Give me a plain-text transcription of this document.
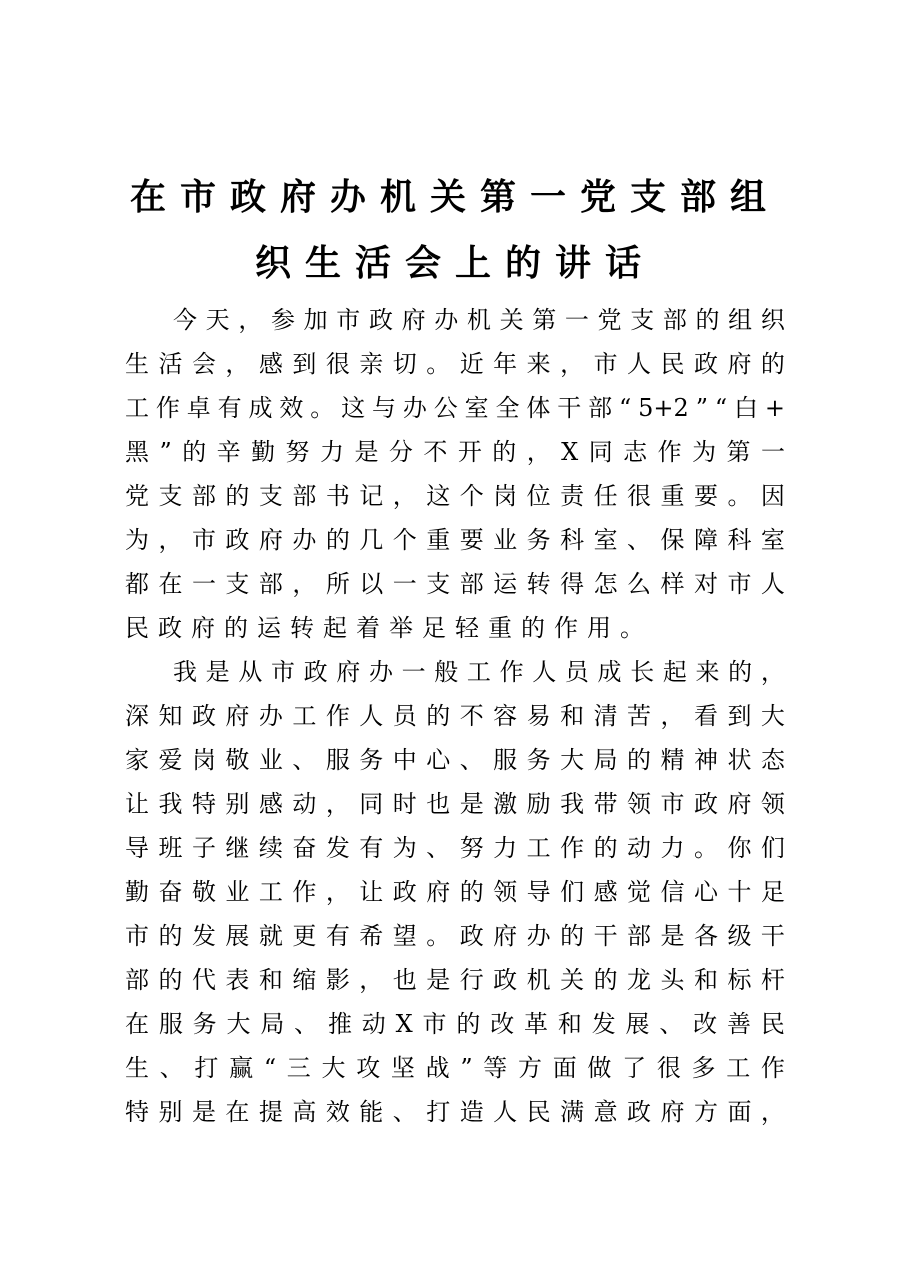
在市政府办机关第一党支部组
织生活会上的讲话
今 天 ， 参 加 市 政 府 办 机 关 第 一 党 支 部 的 组 织
生 活 会 ， 感 到 很 亲 切 。 近 年 来 ， 市 人 民 政 府 的
工 作 卓 有 成 效 。 这 与 办 公 室 全 体 干 部 “ 5+2 ” “ 白 +
黑 ” 的 辛 勤 努 力 是 分 不 开 的 ， X 同 志 作 为 第 一
党 支 部 的 支 部 书 记 ， 这 个 岗 位 责 任 很 重 要 。 因
为 ， 市 政 府 办 的 几 个 重 要 业 务 科 室 、 保 障 科 室
都 在 一 支 部 ， 所 以 一 支 部 运 转 得 怎 么 样 对 市 人
民 政 府 的 运 转 起 着 举 足 轻 重 的 作 用 。
我 是 从 市 政 府 办 一 般 工 作 人 员 成 长 起 来 的 ，
深 知 政 府 办 工 作 人 员 的 不 容 易 和 清 苦 ， 看 到 大
家 爱 岗 敬 业 、 服 务 中 心 、 服 务 大 局 的 精 神 状 态
让 我 特 别 感 动 ， 同 时 也 是 激 励 我 带 领 市 政 府 领
导 班 子 继 续 奋 发 有 为 、 努 力 工 作 的 动 力 。 你 们
勤 奋 敬 业 工 作 ， 让 政 府 的 领 导 们 感 觉 信 心 十 足
市 的 发 展 就 更 有 希 望 。 政 府 办 的 干 部 是 各 级 干
部 的 代 表 和 缩 影 ， 也 是 行 政 机 关 的 龙 头 和 标 杆
在 服 务 大 局 、 推 动 X 市 的 改 革 和 发 展 、 改 善 民
生 、 打 赢 “ 三 大 攻 坚 战 ” 等 方 面 做 了 很 多 工 作
特 别 是 在 提 高 效 能 、 打 造 人 民 满 意 政 府 方 面 ，
